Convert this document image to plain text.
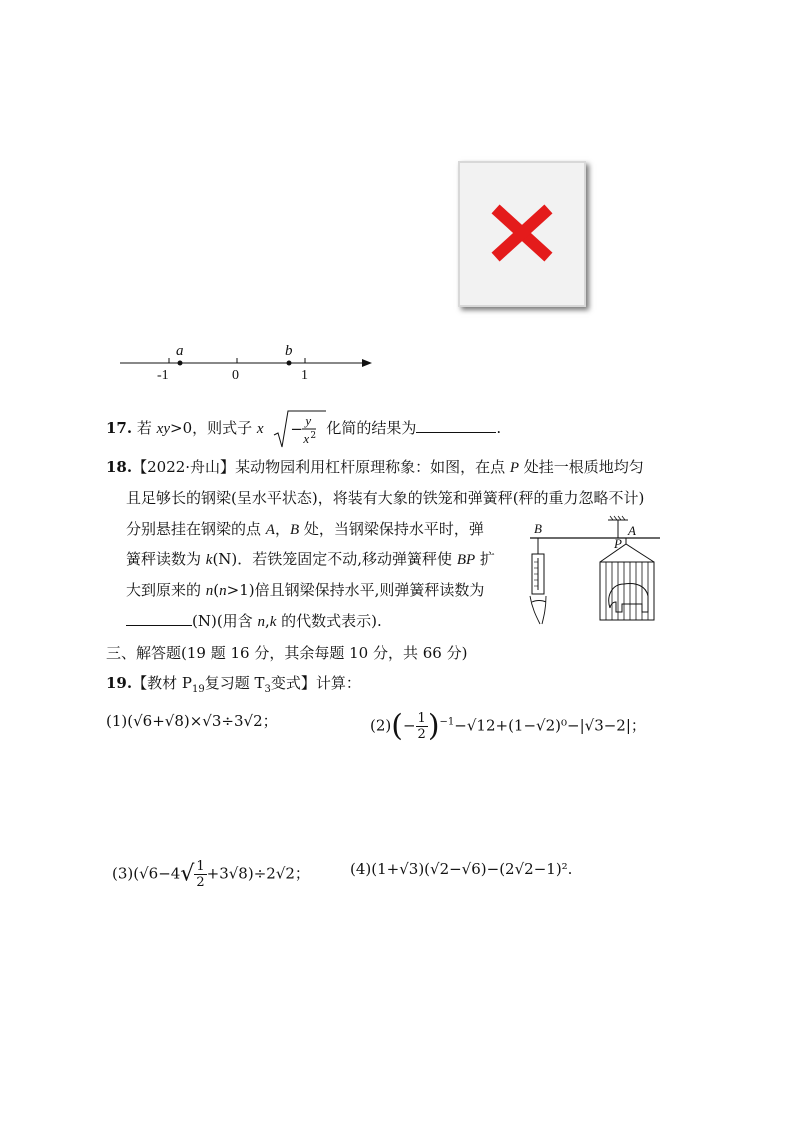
a	b
-1	0	1
17. 若 xy>0，则式子 x − y
x 2 化简的结果为	.
18.【2022·舟山】某动物园利用杠杆原理称象：如图，在点 P 处挂一根质地均匀
且足够长的钢梁(呈水平状态)，将装有大象的铁笼和弹簧秤(秤的重力忽略不计)
分别悬挂在钢梁的点 A，B 处，当钢梁保持水平时，弹
簧秤读数为 k(N)．若铁笼固定不动,移动弹簧秤使 BP 扩
大到原来的 n(n>1)倍且钢梁保持水平,则弹簧秤读数为
(N)(用含 n,k 的代数式表示).
B	A
P
三、解答题(19 题 16 分，其余每题 10 分，共 66 分)
19.【教材 $P_{19}$复习题 $T_3$变式】计算：
(1)(√6+√8)×√3÷3√2；	$(2)(- \frac{1}{2} )^{-1}-√12+(1-√2)^0-|√3-2|$；
$(3)(√6-4√ \frac{1}{2} +3√8)\div 2√2$；	(4)(1+√3)(√2−√6)−(2√2−1)².
